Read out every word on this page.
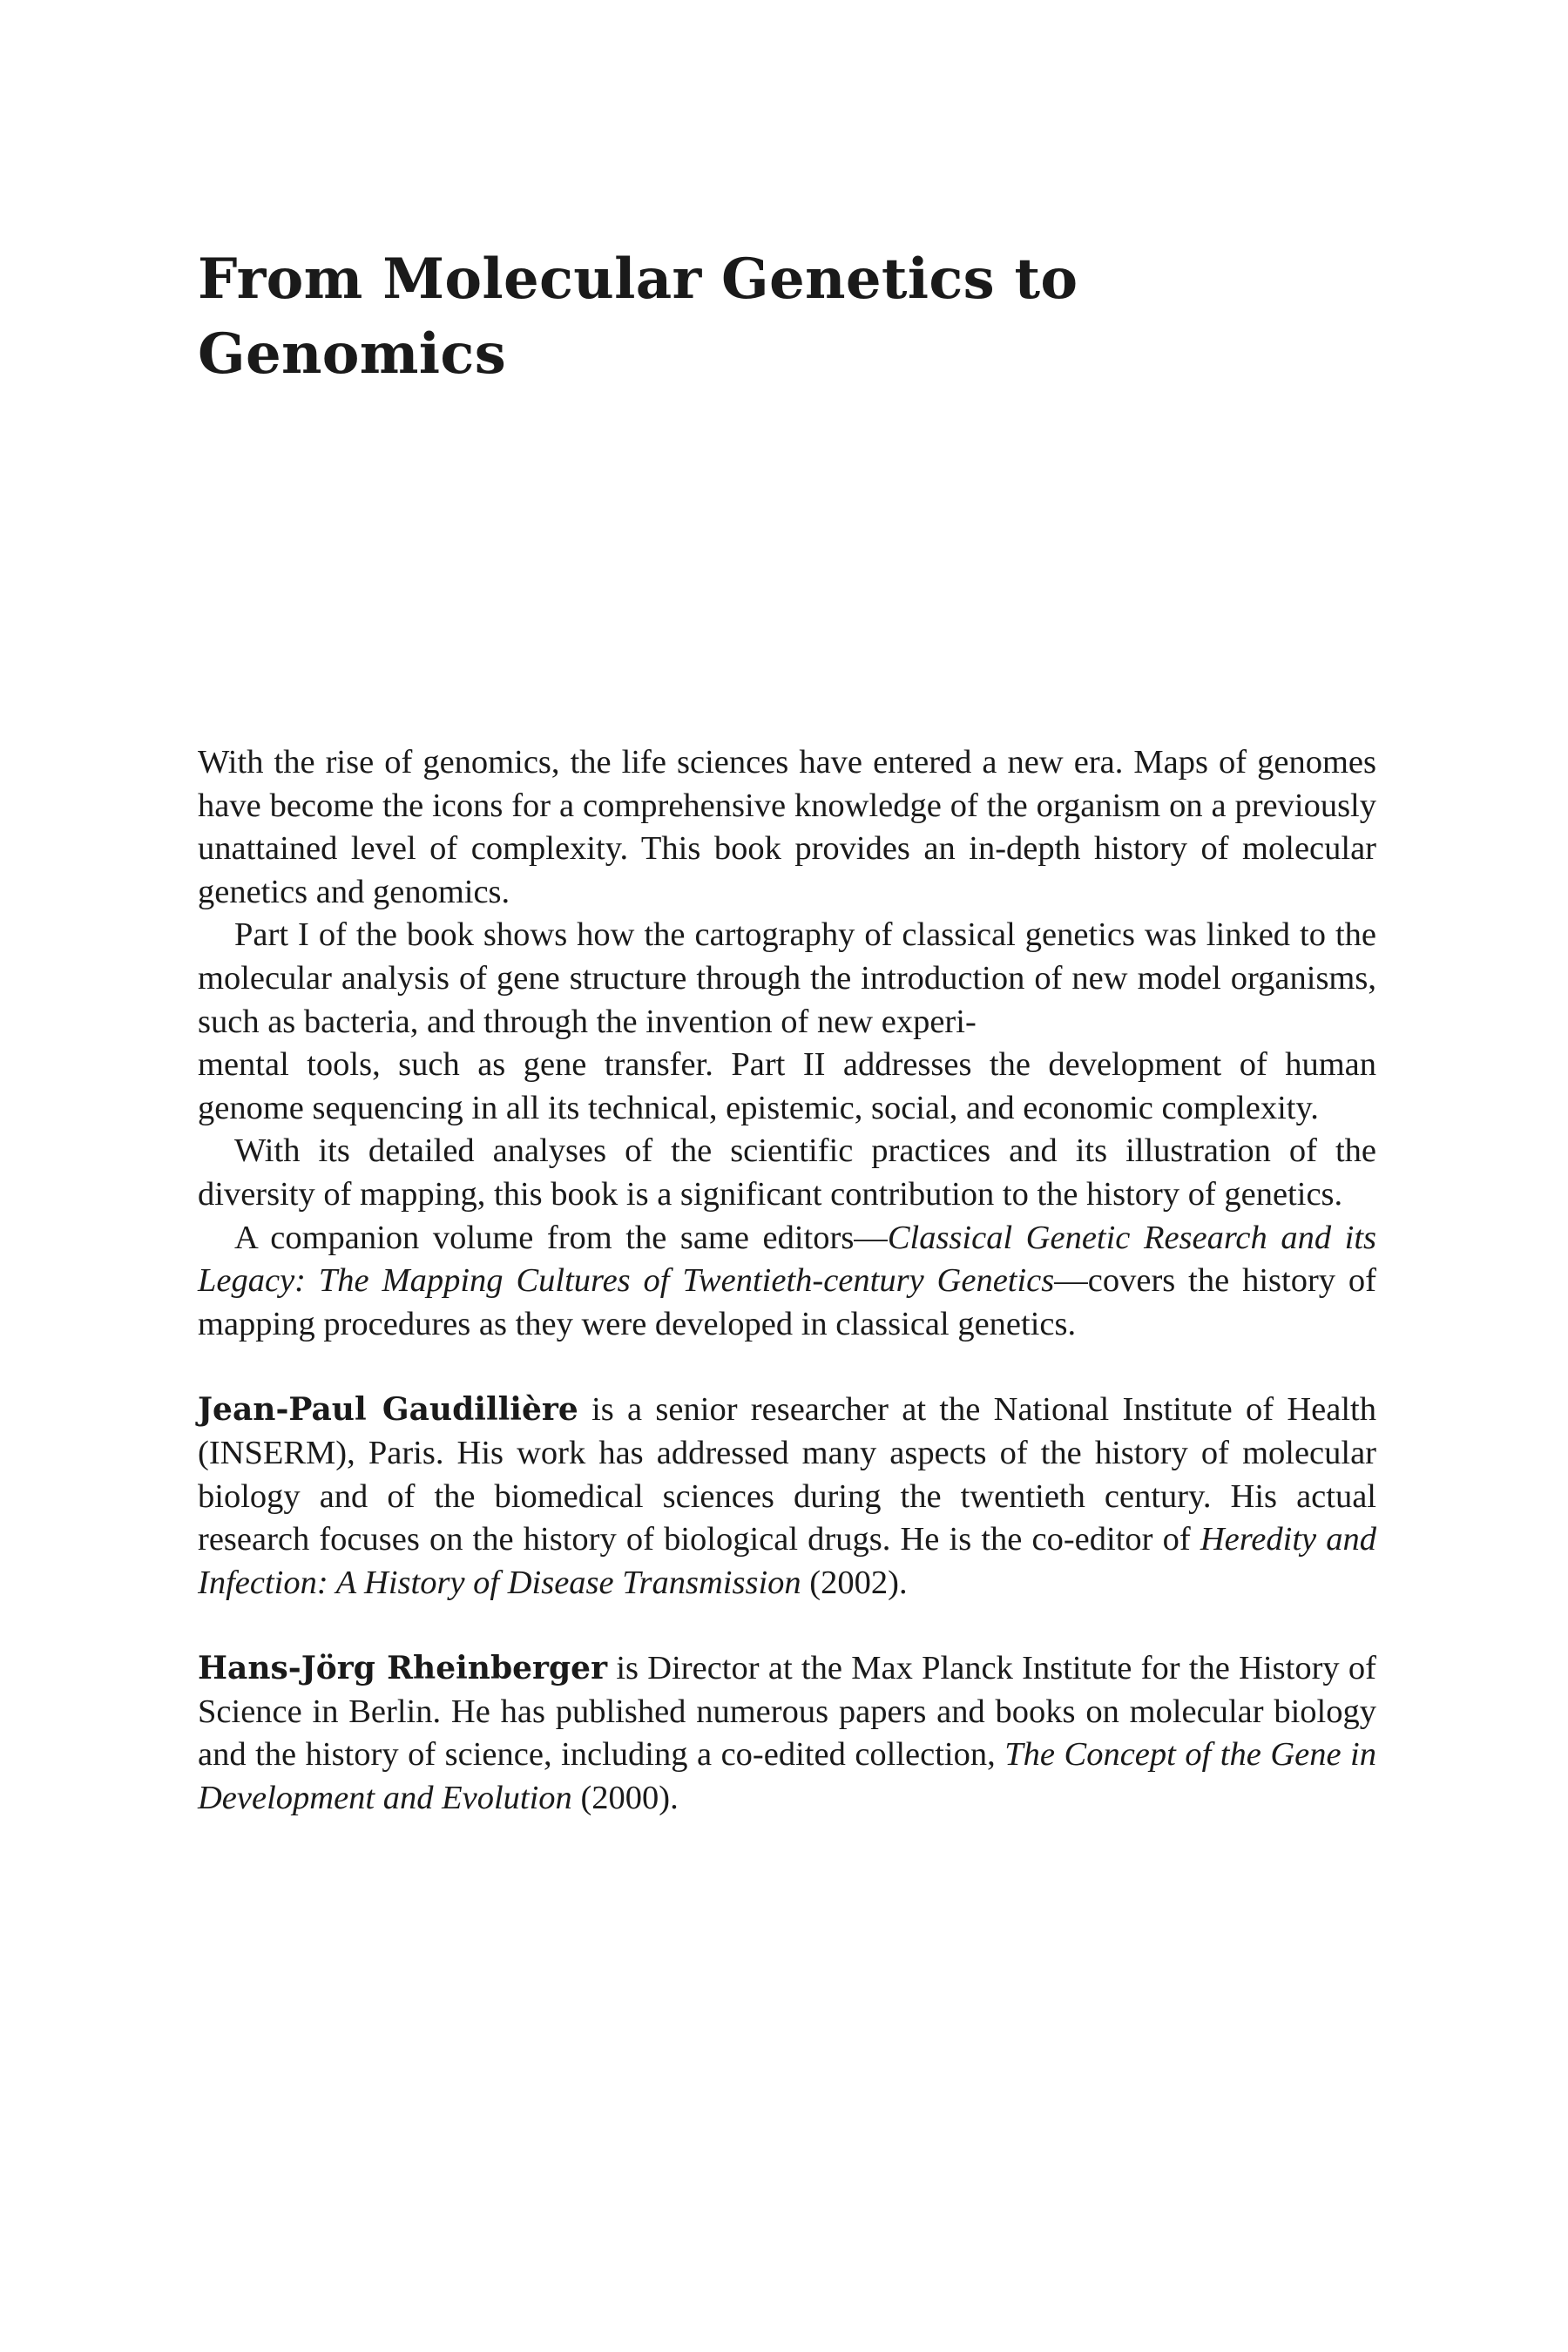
From Molecular Genetics to
Genomics

With the rise of genomics, the life sciences have entered a new era. Maps of genomes have become the icons for a comprehensive knowledge of the organism on a previously unattained level of complexity. This book provides an in-depth history of molecular genetics and genomics.

Part I of the book shows how the cartography of classical genetics was linked to the molecular analysis of gene structure through the introduction of new model organisms, such as bacteria, and through the invention of new experi-
mental tools, such as gene transfer. Part II addresses the development of human genome sequencing in all its technical, epistemic, social, and economic complexity.

With its detailed analyses of the scientific practices and its illustration of the diversity of mapping, this book is a significant contribution to the history of genetics.

A companion volume from the same editors—Classical Genetic Research and its Legacy: The Mapping Cultures of Twentieth-century Genetics—covers the history of mapping procedures as they were developed in classical genetics.

Jean-Paul Gaudillière is a senior researcher at the National Institute of Health (INSERM), Paris. His work has addressed many aspects of the history of molecular biology and of the biomedical sciences during the twentieth century. His actual research focuses on the history of biological drugs. He is the co-editor of Heredity and Infection: A History of Disease Transmission (2002).

Hans-Jörg Rheinberger is Director at the Max Planck Institute for the History of Science in Berlin. He has published numerous papers and books on molecular biology and the history of science, including a co-edited collection, The Concept of the Gene in Development and Evolution (2000).
